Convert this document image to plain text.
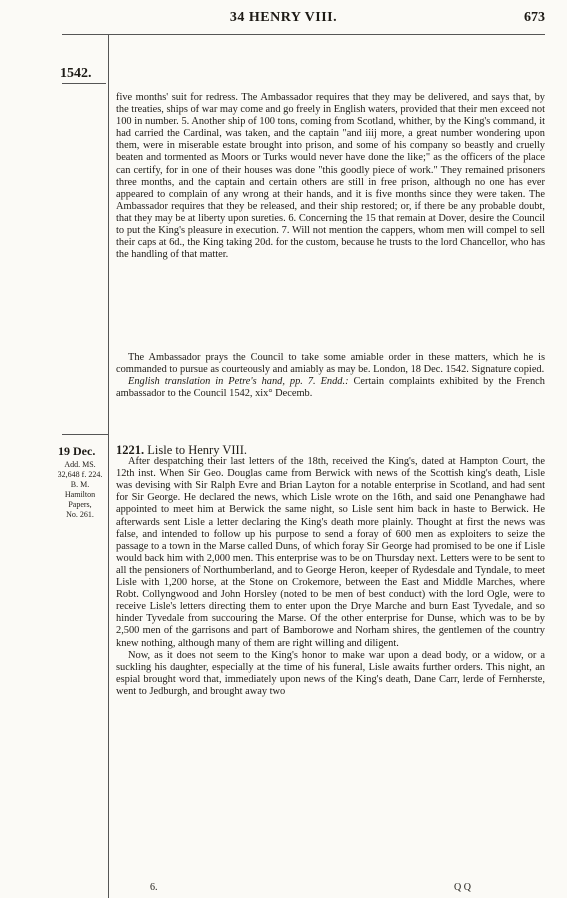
34 HENRY VIII.	673
1542.

five months' suit for redress. The Ambassador requires that they may be delivered, and says that, by the treaties, ships of war may come and go freely in English waters, provided that their men exceed not 100 in number. 5. Another ship of 100 tons, coming from Scotland, whither, by the King's command, it had carried the Cardinal, was taken, and the captain "and iiij more, a great number wondering upon them, were in miserable estate brought into prison, and some of his company so beastly and cruelly beaten and tormented as Moors or Turks would never have done the like;" as the officers of the place can certify, for in one of their houses was done "this goodly piece of work." They remained prisoners three months, and the captain and certain others are still in free prison, although no one has ever appeared to complain of any wrong at their hands, and it is five months since they were taken. The Ambassador requires that they be released, and their ship restored; or, if there be any probable doubt, that they may be at liberty upon sureties. 6. Concerning the 15 that remain at Dover, desire the Council to put the King's pleasure in execution. 7. Will not mention the cappers, whom men will compel to sell their caps at 6d., the King taking 20d. for the custom, because he trusts to the lord Chancellor, who has the handling of that matter.

The Ambassador prays the Council to take some amiable order in these matters, which he is commanded to pursue as courteously and amiably as may be. London, 18 Dec. 1542. Signature copied.

English translation in Petre's hand, pp. 7. Endd.: Certain complaints exhibited by the French ambassador to the Council 1542, xix° Decemb.

19 Dec.
Add. MS.
32,648 f. 224.
B. M.
Hamilton
Papers,
No. 261.

1221. Lisle to Henry VIII.

After despatching their last letters of the 18th, received the King's, dated at Hampton Court, the 12th inst. When Sir Geo. Douglas came from Berwick with news of the Scottish king's death, Lisle was devising with Sir Ralph Evre and Brian Layton for a notable enterprise in Scotland, and had sent for Sir George. He declared the news, which Lisle wrote on the 16th, and said one Penanghawe had appointed to meet him at Berwick the same night, so Lisle sent him back in haste to Berwick. He afterwards sent Lisle a letter declaring the King's death more plainly. Thought at first the news was false, and intended to follow up his purpose to send a foray of 600 men as exploiters to seize the passage to a town in the Marse called Duns, of which foray Sir George had promised to be one if Lisle would back him with 2,000 men. This enterprise was to be on Thursday next. Letters were to be sent to all the pensioners of Northumberland, and to George Heron, keeper of Rydesdale and Tyndale, to meet Lisle with 1,200 horse, at the Stone on Crokemore, between the East and Middle Marches, where Robt. Collyngwood and John Horsley (noted to be men of best conduct) with the lord Ogle, were to receive Lisle's letters directing them to enter upon the Drye Marche and burn East Tyvedale, and so hinder Tyvedale from succouring the Marse. Of the other enterprise for Dunse, which was to be by 2,500 men of the garrisons and part of Bamborowe and Norham shires, the gentlemen of the country knew nothing, although many of them are right willing and diligent.

Now, as it does not seem to the King's honor to make war upon a dead body, or a widow, or a suckling his daughter, especially at the time of his funeral, Lisle awaits further orders. This night, an espial brought word that, immediately upon news of the King's death, Dane Carr, lerde of Fernherste, went to Jedburgh, and brought away two

6.	Q Q
